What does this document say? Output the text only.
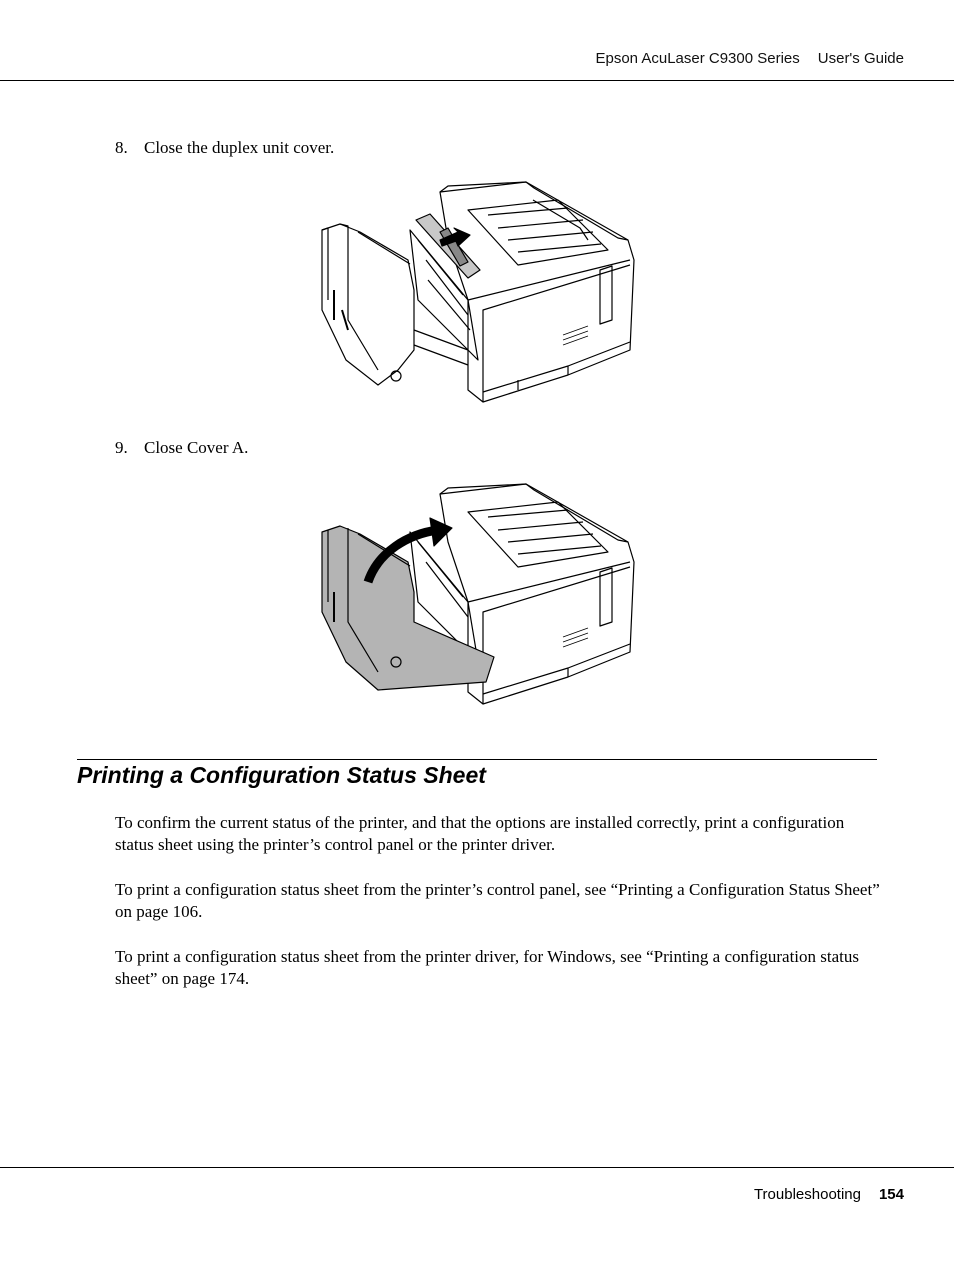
Epson AcuLaser C9300 Series User's Guide
8. Close the duplex unit cover.
9. Close Cover A.
Printing a Configuration Status Sheet

To confirm the current status of the printer, and that the options are installed correctly, print a configuration status sheet using the printer’s control panel or the printer driver.

To print a configuration status sheet from the printer’s control panel, see “Printing a Configuration Status Sheet” on page 106.

To print a configuration status sheet from the printer driver, for Windows, see “Printing a configuration status sheet” on page 174.

Troubleshooting 154
